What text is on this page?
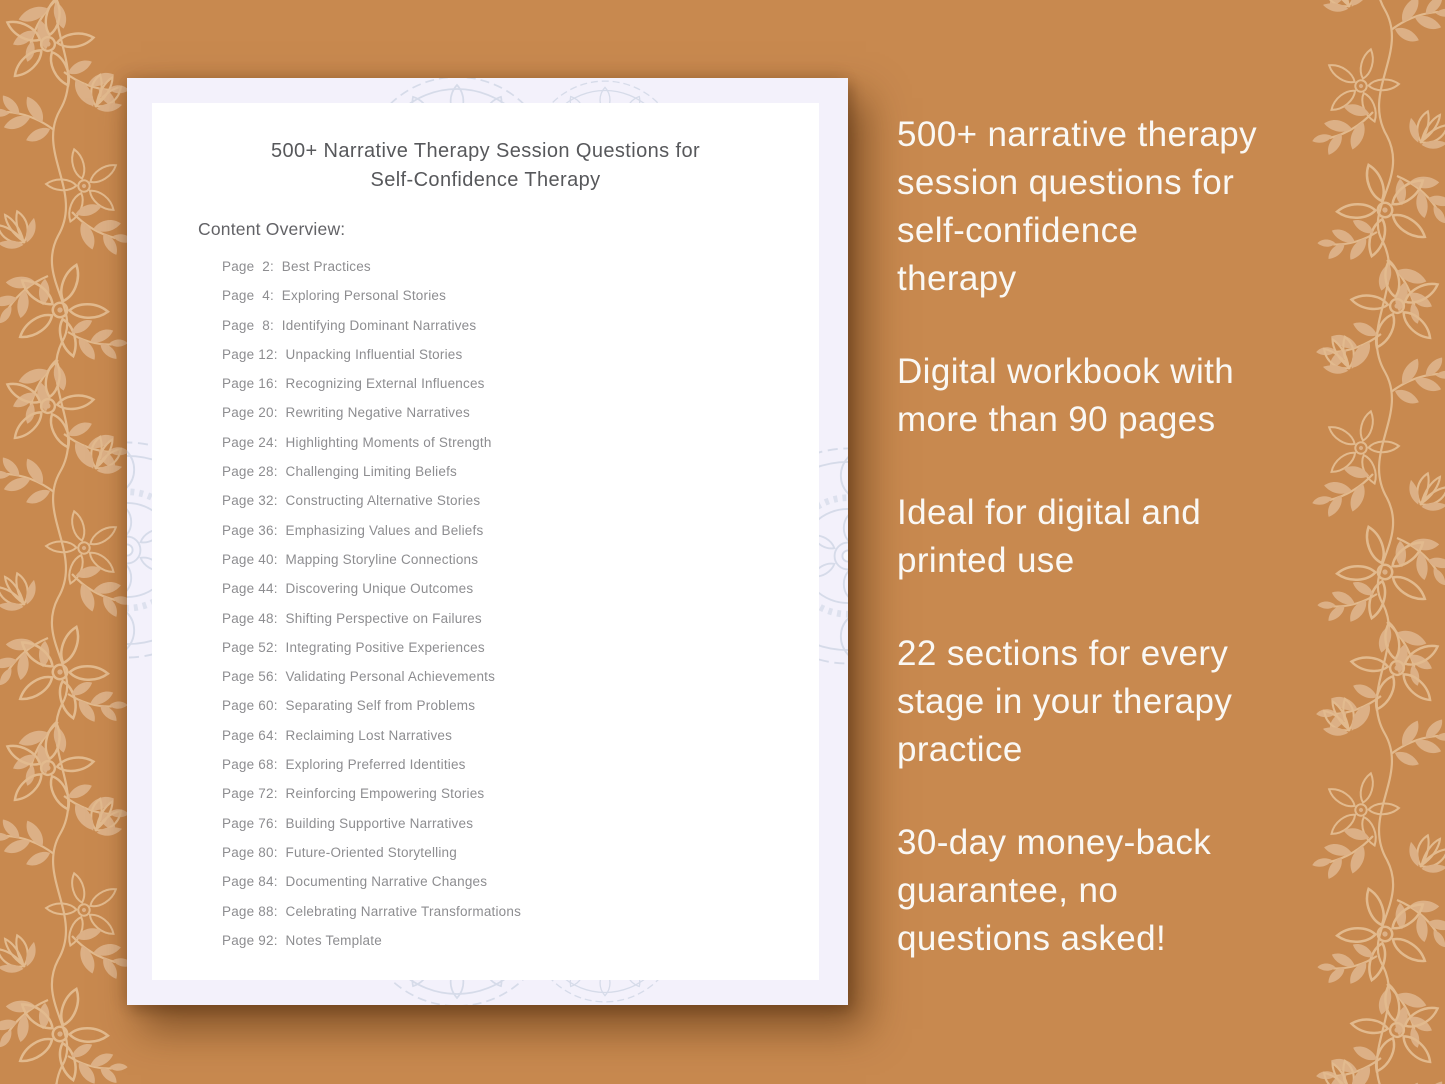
500+ Narrative Therapy Session Questions for
Self-Confidence Therapy
Content Overview:
Page  2:  Best Practices
Page  4:  Exploring Personal Stories
Page  8:  Identifying Dominant Narratives
Page 12:  Unpacking Influential Stories
Page 16:  Recognizing External Influences
Page 20:  Rewriting Negative Narratives
Page 24:  Highlighting Moments of Strength
Page 28:  Challenging Limiting Beliefs
Page 32:  Constructing Alternative Stories
Page 36:  Emphasizing Values and Beliefs
Page 40:  Mapping Storyline Connections
Page 44:  Discovering Unique Outcomes
Page 48:  Shifting Perspective on Failures
Page 52:  Integrating Positive Experiences
Page 56:  Validating Personal Achievements
Page 60:  Separating Self from Problems
Page 64:  Reclaiming Lost Narratives
Page 68:  Exploring Preferred Identities
Page 72:  Reinforcing Empowering Stories
Page 76:  Building Supportive Narratives
Page 80:  Future-Oriented Storytelling
Page 84:  Documenting Narrative Changes
Page 88:  Celebrating Narrative Transformations
Page 92:  Notes Template
500+ narrative therapy
session questions for
self-confidence
therapy
Digital workbook with
more than 90 pages
Ideal for digital and
printed use
22 sections for every
stage in your therapy
practice
30-day money-back
guarantee, no
questions asked!
